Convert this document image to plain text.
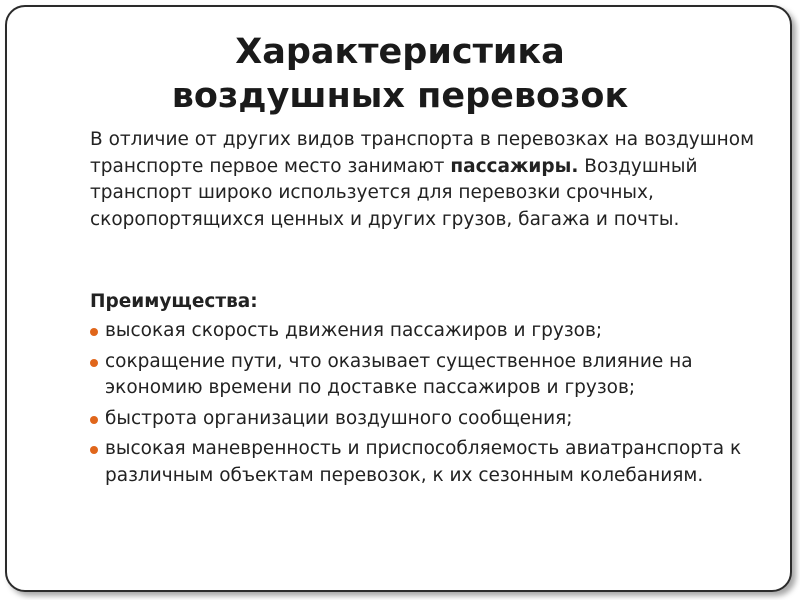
Характеристика
воздушных перевозок
В отличие от других видов транспорта в перевозках на воздушном транспорте первое место занимают пассажиры. Воздушный транспорт широко используется для перевозки срочных, скоропортящихся ценных и других грузов, багажа и почты.
Преимущества:
высокая скорость движения пассажиров и грузов;
сокращение пути, что оказывает существенное влияние на экономию времени по доставке пассажиров и грузов;
быстрота организации воздушного сообщения;
высокая маневренность и приспособляемость авиатранспорта к различным объектам перевозок, к их сезонным колебаниям.
